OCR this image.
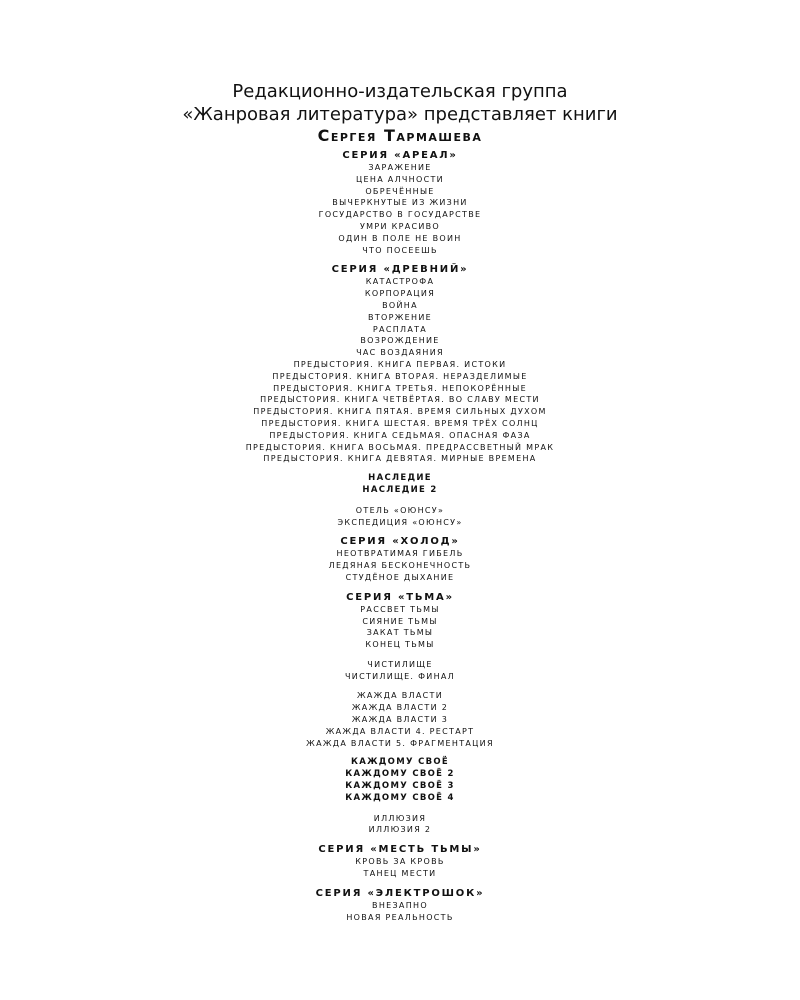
Редакционно-издательская группа
«Жанровая литература» представляет книги
Сергея Тармашева
СЕРИЯ «АРЕАЛ»
ЗАРАЖЕНИЕ
ЦЕНА АЛЧНОСТИ
ОБРЕЧЁННЫЕ
ВЫЧЕРКНУТЫЕ ИЗ ЖИЗНИ
ГОСУДАРСТВО В ГОСУДАРСТВЕ
УМРИ КРАСИВО
ОДИН В ПОЛЕ НЕ ВОИН
ЧТО ПОСЕЕШЬ
СЕРИЯ «ДРЕВНИЙ»
КАТАСТРОФА
КОРПОРАЦИЯ
ВОЙНА
ВТОРЖЕНИЕ
РАСПЛАТА
ВОЗРОЖДЕНИЕ
ЧАС ВОЗДАЯНИЯ
ПРЕДЫСТОРИЯ. КНИГА ПЕРВАЯ. ИСТОКИ
ПРЕДЫСТОРИЯ. КНИГА ВТОРАЯ. НЕРАЗДЕЛИМЫЕ
ПРЕДЫСТОРИЯ. КНИГА ТРЕТЬЯ. НЕПОКОРЁННЫЕ
ПРЕДЫСТОРИЯ. КНИГА ЧЕТВЁРТАЯ. ВО СЛАВУ МЕСТИ
ПРЕДЫСТОРИЯ. КНИГА ПЯТАЯ. ВРЕМЯ СИЛЬНЫХ ДУХОМ
ПРЕДЫСТОРИЯ. КНИГА ШЕСТАЯ. ВРЕМЯ ТРЁХ СОЛНЦ
ПРЕДЫСТОРИЯ. КНИГА СЕДЬМАЯ. ОПАСНАЯ ФАЗА
ПРЕДЫСТОРИЯ. КНИГА ВОСЬМАЯ. ПРЕДРАССВЕТНЫЙ МРАК
ПРЕДЫСТОРИЯ. КНИГА ДЕВЯТАЯ. МИРНЫЕ ВРЕМЕНА
НАСЛЕДИЕ
НАСЛЕДИЕ 2
ОТЕЛЬ «ОЮНСУ»
ЭКСПЕДИЦИЯ «ОЮНСУ»
СЕРИЯ «ХОЛОД»
НЕОТВРАТИМАЯ ГИБЕЛЬ
ЛЕДЯНАЯ БЕСКОНЕЧНОСТЬ
СТУДЁНОЕ ДЫХАНИЕ
СЕРИЯ «ТЬМА»
РАССВЕТ ТЬМЫ
СИЯНИЕ ТЬМЫ
ЗАКАТ ТЬМЫ
КОНЕЦ ТЬМЫ
ЧИСТИЛИЩЕ
ЧИСТИЛИЩЕ. ФИНАЛ
ЖАЖДА ВЛАСТИ
ЖАЖДА ВЛАСТИ 2
ЖАЖДА ВЛАСТИ 3
ЖАЖДА ВЛАСТИ 4. РЕСТАРТ
ЖАЖДА ВЛАСТИ 5. ФРАГМЕНТАЦИЯ
КАЖДОМУ СВОЁ
КАЖДОМУ СВОЁ 2
КАЖДОМУ СВОЁ 3
КАЖДОМУ СВОЁ 4
ИЛЛЮЗИЯ
ИЛЛЮЗИЯ 2
СЕРИЯ «МЕСТЬ ТЬМЫ»
КРОВЬ ЗА КРОВЬ
ТАНЕЦ МЕСТИ
СЕРИЯ «ЭЛЕКТРОШОК»
ВНЕЗАПНО
НОВАЯ РЕАЛЬНОСТЬ
